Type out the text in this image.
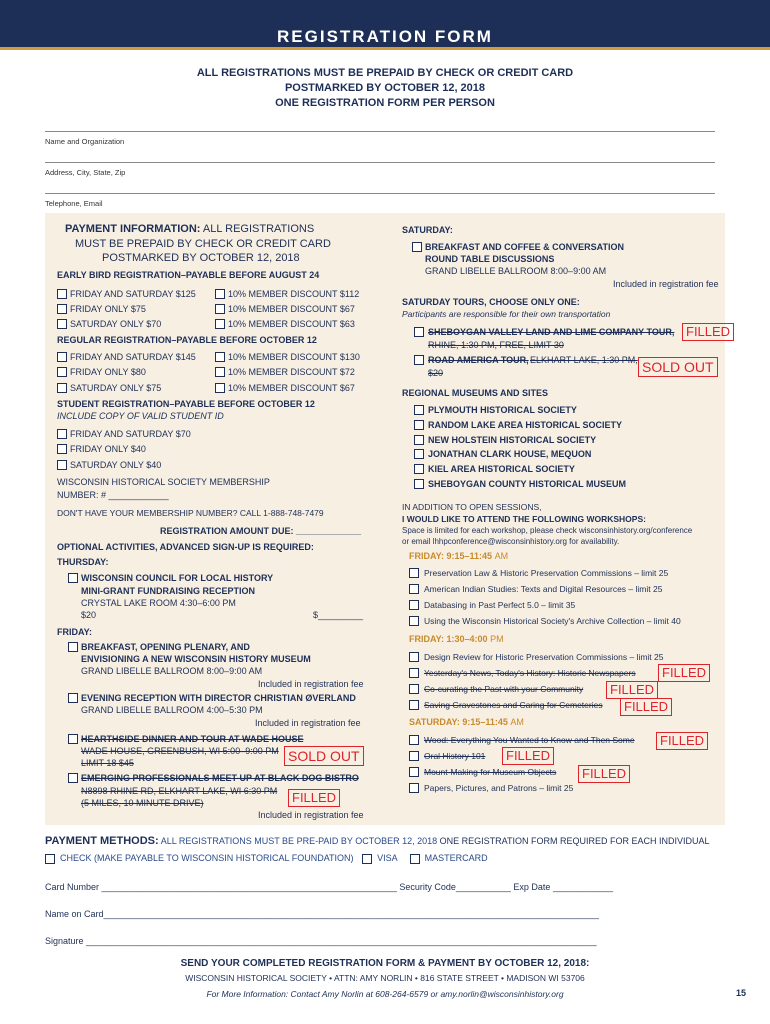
REGISTRATION FORM
ALL REGISTRATIONS MUST BE PREPAID BY CHECK OR CREDIT CARD
POSTMARKED BY OCTOBER 12, 2018
ONE REGISTRATION FORM PER PERSON
Name and Organization
Address, City, State, Zip
Telephone, Email
PAYMENT INFORMATION: ALL REGISTRATIONS
MUST BE PREPAID BY CHECK OR CREDIT CARD
POSTMARKED BY OCTOBER 12, 2018
EARLY BIRD REGISTRATION–PAYABLE BEFORE AUGUST 24
FRIDAY AND SATURDAY $125	10% MEMBER DISCOUNT $112
FRIDAY ONLY $75	10% MEMBER DISCOUNT $67
SATURDAY ONLY $70	10% MEMBER DISCOUNT $63
REGULAR REGISTRATION–PAYABLE BEFORE OCTOBER 12
FRIDAY AND SATURDAY $145	10% MEMBER DISCOUNT $130
FRIDAY ONLY $80	10% MEMBER DISCOUNT $72
SATURDAY ONLY $75	10% MEMBER DISCOUNT $67
STUDENT REGISTRATION–PAYABLE BEFORE OCTOBER 12
INCLUDE COPY OF VALID STUDENT ID
FRIDAY AND SATURDAY $70
FRIDAY ONLY $40
SATURDAY ONLY $40
WISCONSIN HISTORICAL SOCIETY MEMBERSHIP
NUMBER: # ____________
DON'T HAVE YOUR MEMBERSHIP NUMBER? CALL 1-888-748-7479
REGISTRATION AMOUNT DUE: _____________
OPTIONAL ACTIVITIES, ADVANCED SIGN-UP IS REQUIRED:
THURSDAY:
WISCONSIN COUNCIL FOR LOCAL HISTORY
MINI-GRANT FUNDRAISING RECEPTION
CRYSTAL LAKE ROOM 4:30–6:00 PM
$20	$_________
FRIDAY:
BREAKFAST, OPENING PLENARY, AND
ENVISIONING A NEW WISCONSIN HISTORY MUSEUM
GRAND LIBELLE BALLROOM 8:00–9:00 AM
Included in registration fee
EVENING RECEPTION WITH DIRECTOR CHRISTIAN ØVERLAND
GRAND LIBELLE BALLROOM 4:00–5:30 PM
Included in registration fee
HEARTHSIDE DINNER AND TOUR AT WADE HOUSE
WADE HOUSE, GREENBUSH, WI 5:00–9:00 PM
LIMIT 18 $45	SOLD OUT
EMERGING PROFESSIONALS MEET-UP AT BLACK DOG BISTRO
N8898 RHINE RD, ELKHART LAKE, WI 6:30 PM
(5 MILES, 10 MINUTE DRIVE)	FILLED
Included in registration fee
SATURDAY:
BREAKFAST AND COFFEE & CONVERSATION
ROUND TABLE DISCUSSIONS
GRAND LIBELLE BALLROOM 8:00–9:00 AM
Included in registration fee
SATURDAY TOURS, CHOOSE ONLY ONE:
Participants are responsible for their own transportation
SHEBOYGAN VALLEY LAND AND LIME COMPANY TOUR,
RHINE, 1:30 PM, FREE, LIMIT 30
FILLED
ROAD AMERICA TOUR, ELKHART LAKE, 1:30 PM,
$20	SOLD OUT
REGIONAL MUSEUMS AND SITES
PLYMOUTH HISTORICAL SOCIETY
RANDOM LAKE AREA HISTORICAL SOCIETY
NEW HOLSTEIN HISTORICAL SOCIETY
JONATHAN CLARK HOUSE, MEQUON
KIEL AREA HISTORICAL SOCIETY
SHEBOYGAN COUNTY HISTORICAL MUSEUM
IN ADDITION TO OPEN SESSIONS,
I WOULD LIKE TO ATTEND THE FOLLOWING WORKSHOPS:
Space is limited for each workshop, please check wisconsinhistory.org/conference
or email lhhpconference@wisconsinhistory.org for availability.
FRIDAY: 9:15–11:45 AM
Preservation Law & Historic Preservation Commissions – limit 25
American Indian Studies: Texts and Digital Resources – limit 25
Databasing in Past Perfect 5.0 – limit 35
Using the Wisconsin Historical Society's Archive Collection – limit 40
FRIDAY: 1:30–4:00 PM
Design Review for Historic Preservation Commissions – limit 25
Yesterday's News, Today's History: Historic Newspapers	FILLED
Co-curating the Past with your Community	FILLED
Saving Gravestones and Caring for Cemeteries	FILLED
SATURDAY: 9:15–11:45 AM
Wood: Everything You Wanted to Know and Then Some	FILLED
Oral History 101	FILLED
Mount-Making for Museum Objects	FILLED
Papers, Pictures, and Patrons – limit 25
PAYMENT METHODS: ALL REGISTRATIONS MUST BE PRE-PAID BY OCTOBER 12, 2018 ONE REGISTRATION FORM REQUIRED FOR EACH INDIVIDUAL
CHECK (MAKE PAYABLE TO WISCONSIN HISTORICAL FOUNDATION)	VISA	MASTERCARD
Card Number ___________________________________________________________ Security Code___________ Exp Date ____________
Name on Card___________________________________________________________________________________________________
Signature ______________________________________________________________________________________________________
SEND YOUR COMPLETED REGISTRATION FORM & PAYMENT BY OCTOBER 12, 2018:
WISCONSIN HISTORICAL SOCIETY • ATTN: AMY NORLIN • 816 STATE STREET • MADISON WI 53706
For More Information: Contact Amy Norlin at 608-264-6579 or amy.norlin@wisconsinhistory.org	15
